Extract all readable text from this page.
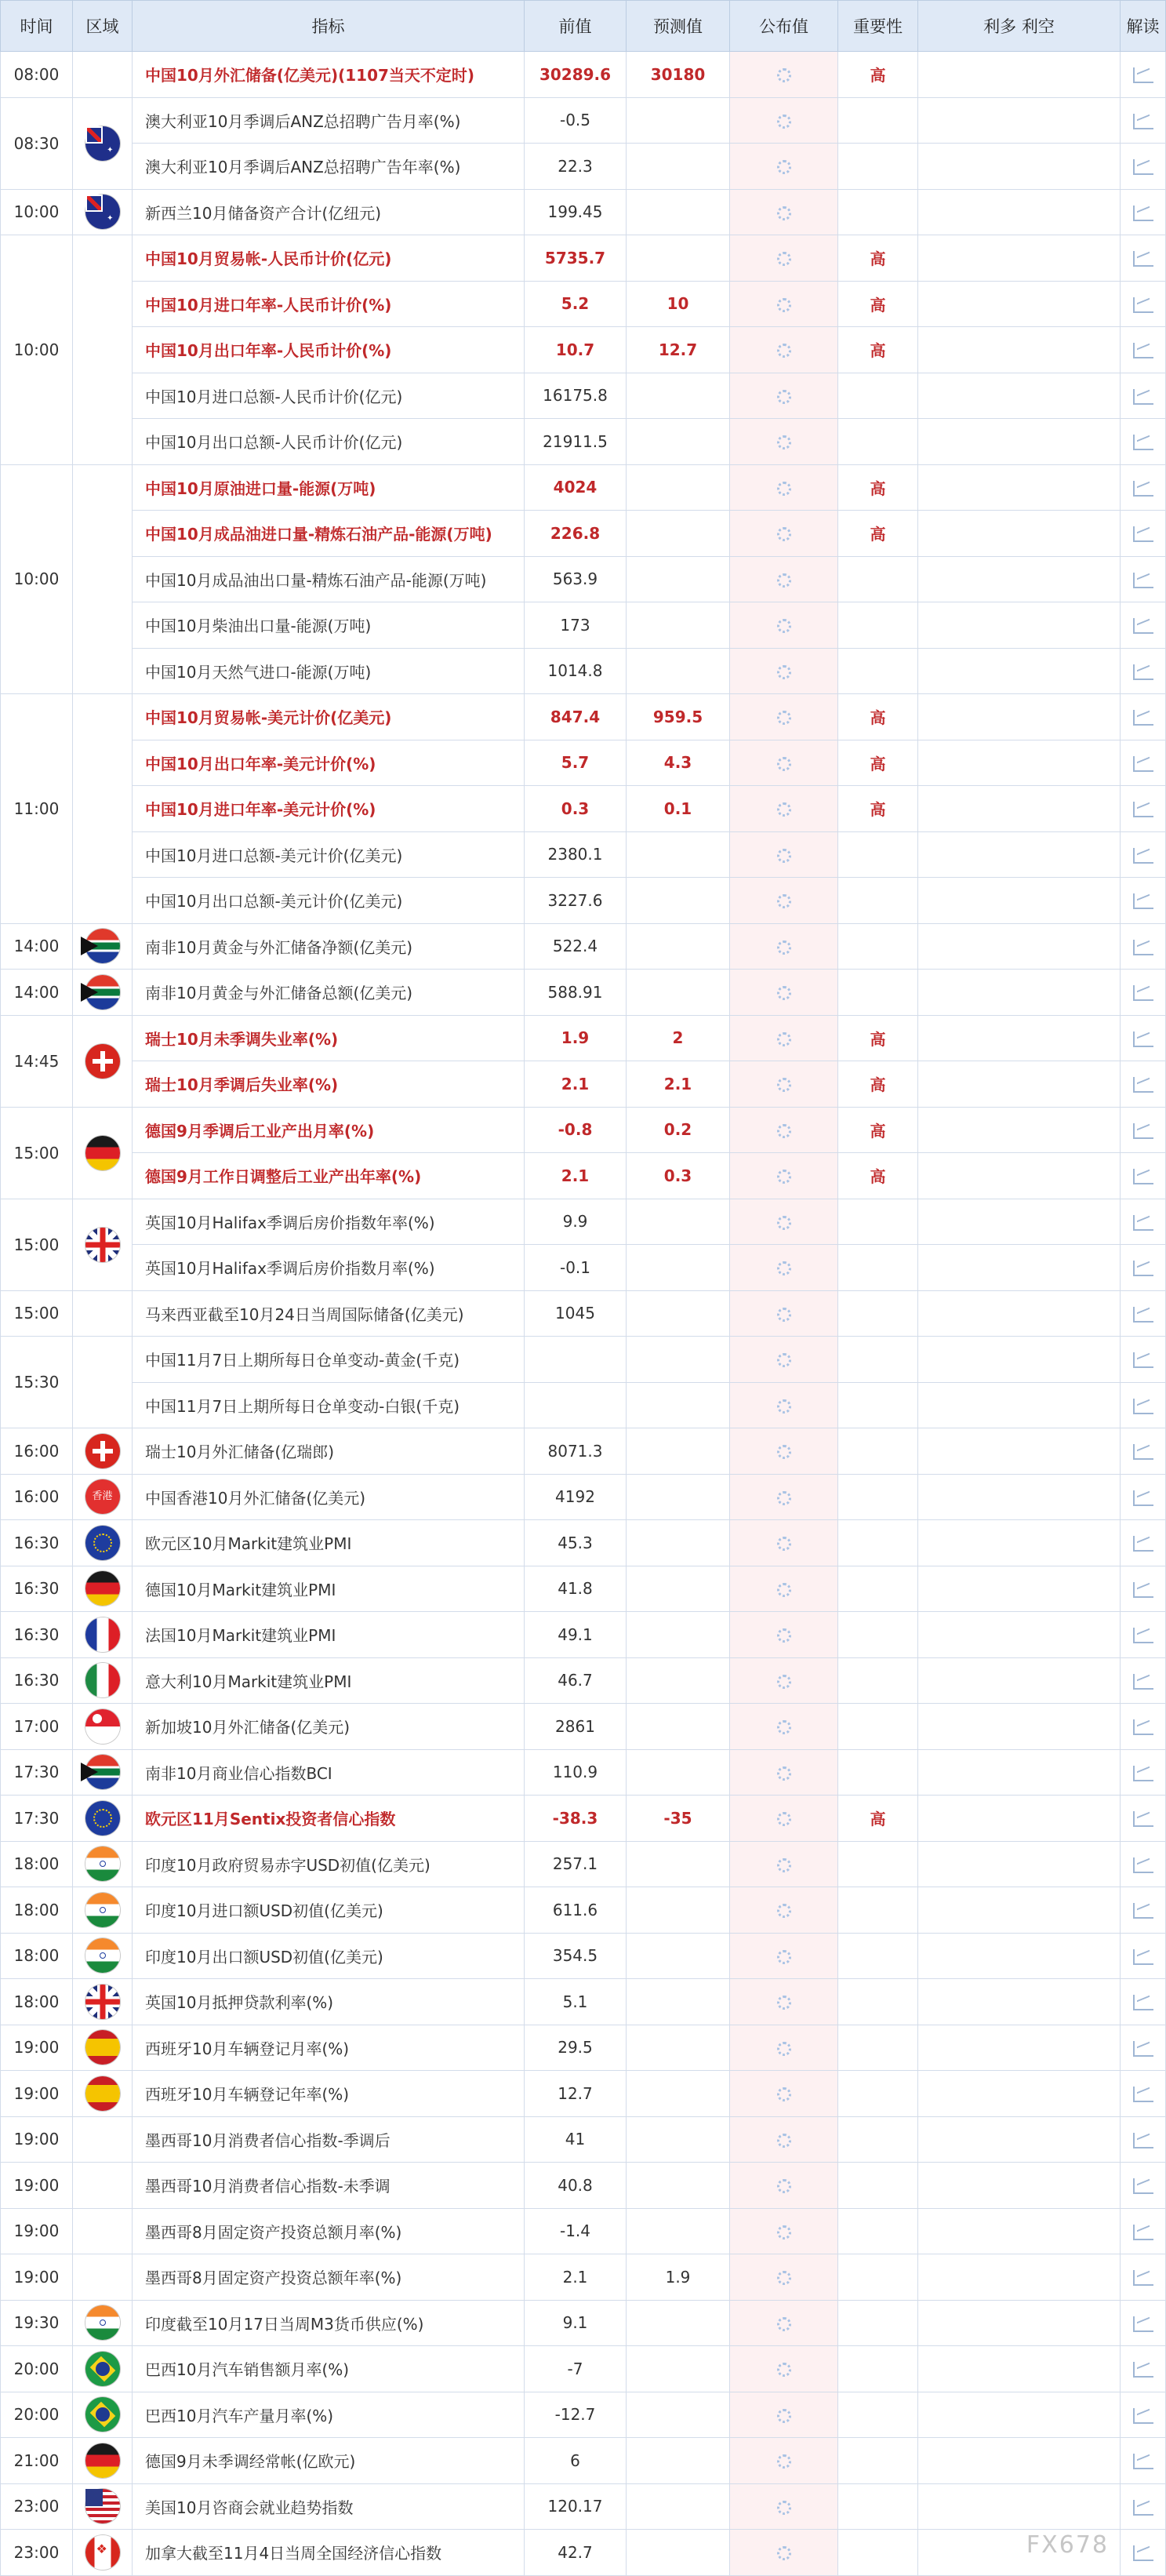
时间	区域	指标	前值	预测值	公布值	重要性	利多 利空	解读
08:00		中国10月外汇储备(亿美元)(1107当天不定时)	30289.6	30180		高		
08:30	✦	澳大利亚10月季调后ANZ总招聘广告月率(%)	-0.5					
		澳大利亚10月季调后ANZ总招聘广告年率(%)	22.3					
10:00	✦	新西兰10月储备资产合计(亿纽元)	199.45					
10:00		中国10月贸易帐-人民币计价(亿元)	5735.7			高		
		中国10月进口年率-人民币计价(%)	5.2	10		高		
		中国10月出口年率-人民币计价(%)	10.7	12.7		高		
		中国10月进口总额-人民币计价(亿元)	16175.8					
		中国10月出口总额-人民币计价(亿元)	21911.5					
10:00		中国10月原油进口量-能源(万吨)	4024			高		
		中国10月成品油进口量-精炼石油产品-能源(万吨)	226.8			高		
		中国10月成品油出口量-精炼石油产品-能源(万吨)	563.9					
		中国10月柴油出口量-能源(万吨)	173					
		中国10月天然气进口-能源(万吨)	1014.8					
11:00		中国10月贸易帐-美元计价(亿美元)	847.4	959.5		高		
		中国10月出口年率-美元计价(%)	5.7	4.3		高		
		中国10月进口年率-美元计价(%)	0.3	0.1		高		
		中国10月进口总额-美元计价(亿美元)	2380.1					
		中国10月出口总额-美元计价(亿美元)	3227.6					
14:00		南非10月黄金与外汇储备净额(亿美元)	522.4					
14:00		南非10月黄金与外汇储备总额(亿美元)	588.91					
14:45		瑞士10月未季调失业率(%)	1.9	2		高		
		瑞士10月季调后失业率(%)	2.1	2.1		高		
15:00		德国9月季调后工业产出月率(%)	-0.8	0.2		高		
		德国9月工作日调整后工业产出年率(%)	2.1	0.3		高		
15:00		英国10月Halifax季调后房价指数年率(%)	9.9					
		英国10月Halifax季调后房价指数月率(%)	-0.1					
15:00		马来西亚截至10月24日当周国际储备(亿美元)	1045					
15:30		中国11月7日上期所每日仓单变动-黄金(千克)						
		中国11月7日上期所每日仓单变动-白银(千克)						
16:00		瑞士10月外汇储备(亿瑞郎)	8071.3					
16:00	香港	中国香港10月外汇储备(亿美元)	4192					
16:30		欧元区10月Markit建筑业PMI	45.3					
16:30		德国10月Markit建筑业PMI	41.8					
16:30		法国10月Markit建筑业PMI	49.1					
16:30		意大利10月Markit建筑业PMI	46.7					
17:00		新加坡10月外汇储备(亿美元)	2861					
17:30		南非10月商业信心指数BCI	110.9					
17:30		欧元区11月Sentix投资者信心指数	-38.3	-35		高		
18:00		印度10月政府贸易赤字USD初值(亿美元)	257.1					
18:00		印度10月进口额USD初值(亿美元)	611.6					
18:00		印度10月出口额USD初值(亿美元)	354.5					
18:00		英国10月抵押贷款利率(%)	5.1					
19:00		西班牙10月车辆登记月率(%)	29.5					
19:00		西班牙10月车辆登记年率(%)	12.7					
19:00		墨西哥10月消费者信心指数-季调后	41					
19:00		墨西哥10月消费者信心指数-未季调	40.8					
19:00		墨西哥8月固定资产投资总额月率(%)	-1.4					
19:00		墨西哥8月固定资产投资总额年率(%)	2.1	1.9				
19:30		印度截至10月17日当周M3货币供应(%)	9.1					
20:00		巴西10月汽车销售额月率(%)	-7					
20:00		巴西10月汽车产量月率(%)	-12.7					
21:00		德国9月未季调经常帐(亿欧元)	6					
23:00		美国10月咨商会就业趋势指数	120.17					
23:00	❖	加拿大截至11月4日当周全国经济信心指数	42.7						FX678
